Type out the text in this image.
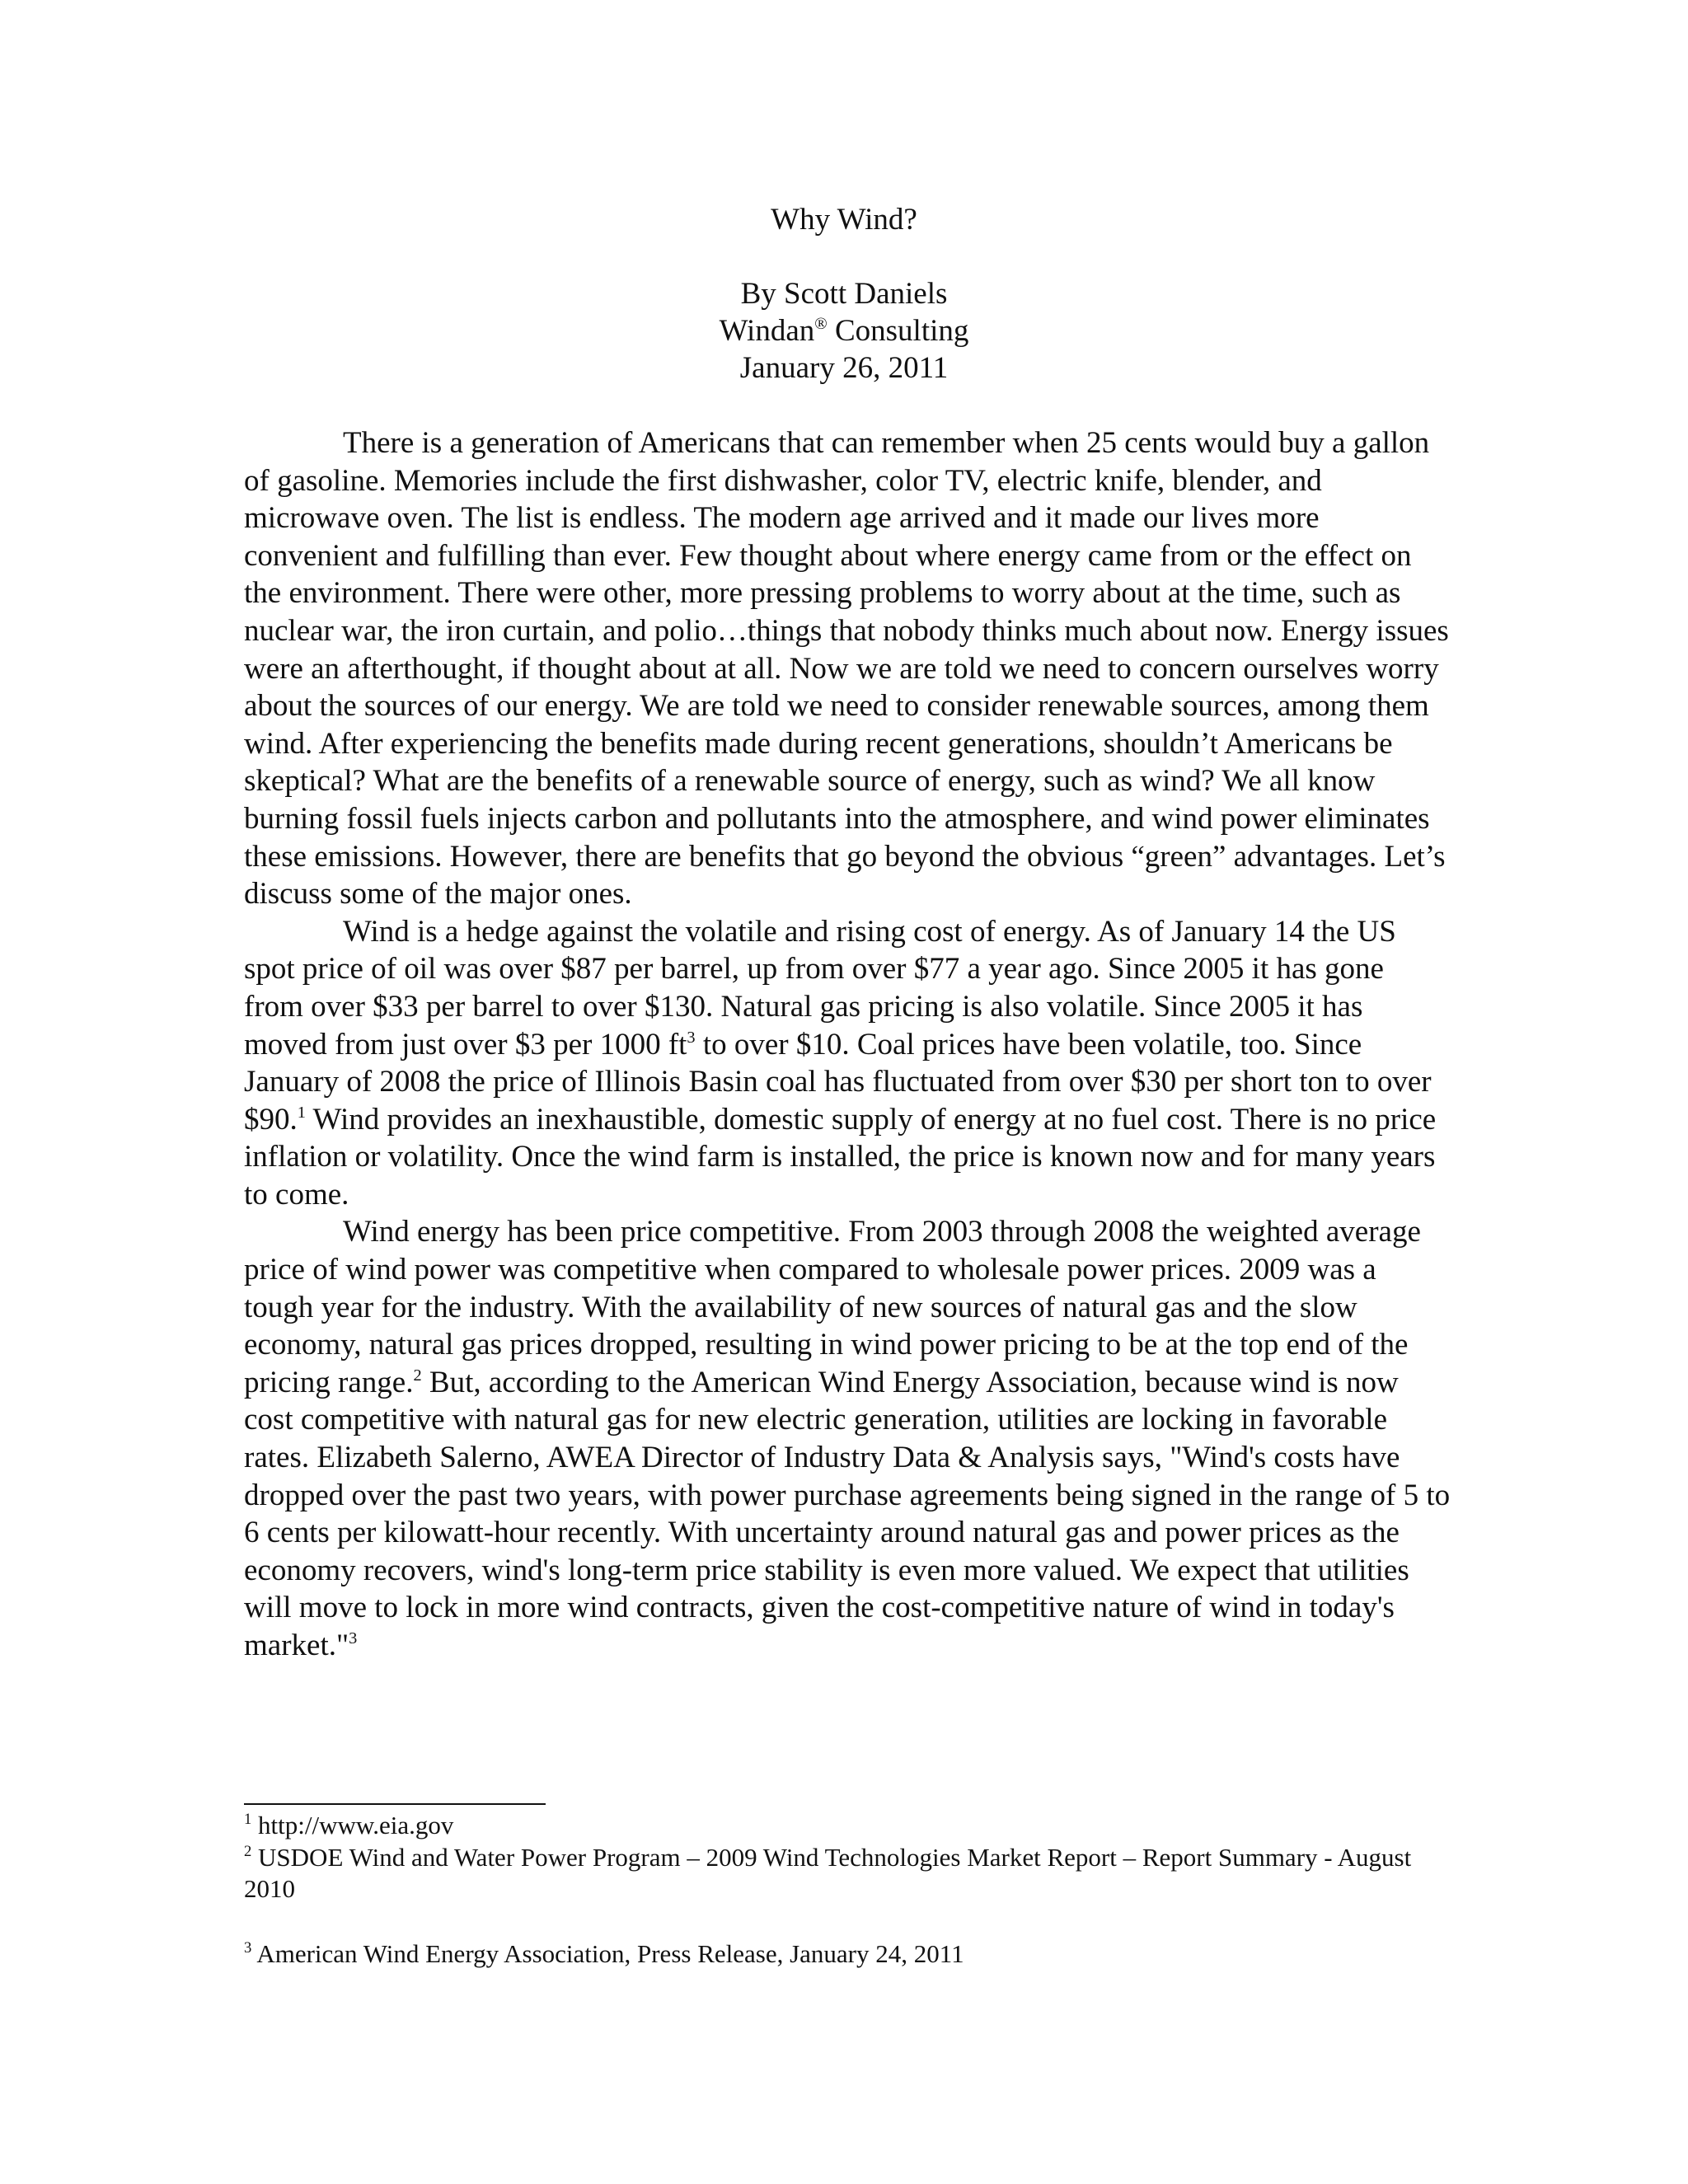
Why Wind?
By Scott Daniels
Windan® Consulting
January 26, 2011

There is a generation of Americans that can remember when 25 cents would buy a gallon of gasoline. Memories include the first dishwasher, color TV, electric knife, blender, and microwave oven. The list is endless. The modern age arrived and it made our lives more convenient and fulfilling than ever. Few thought about where energy came from or the effect on the environment. There were other, more pressing problems to worry about at the time, such as nuclear war, the iron curtain, and polio…things that nobody thinks much about now. Energy issues were an afterthought, if thought about at all. Now we are told we need to concern ourselves worry about the sources of our energy. We are told we need to consider renewable sources, among them wind. After experiencing the benefits made during recent generations, shouldn’t Americans be skeptical? What are the benefits of a renewable source of energy, such as wind? We all know burning fossil fuels injects carbon and pollutants into the atmosphere, and wind power eliminates these emissions. However, there are benefits that go beyond the obvious “green” advantages. Let’s discuss some of the major ones.

Wind is a hedge against the volatile and rising cost of energy. As of January 14 the US spot price of oil was over $87 per barrel, up from over $77 a year ago. Since 2005 it has gone from over $33 per barrel to over $130. Natural gas pricing is also volatile. Since 2005 it has moved from just over $3 per 1000 $ft^3$ to over $10. Coal prices have been volatile, too. Since January of 2008 the price of Illinois Basin coal has fluctuated from over $30 per short ton to over $90.$^1$ Wind provides an inexhaustible, domestic supply of energy at no fuel cost. There is no price inflation or volatility. Once the wind farm is installed, the price is known now and for many years to come.

Wind energy has been price competitive. From 2003 through 2008 the weighted average price of wind power was competitive when compared to wholesale power prices. 2009 was a tough year for the industry. With the availability of new sources of natural gas and the slow economy, natural gas prices dropped, resulting in wind power pricing to be at the top end of the pricing range.$^2$ But, according to the American Wind Energy Association, because wind is now cost competitive with natural gas for new electric generation, utilities are locking in favorable rates. Elizabeth Salerno, AWEA Director of Industry Data & Analysis says, "Wind's costs have dropped over the past two years, with power purchase agreements being signed in the range of 5 to 6 cents per kilowatt-hour recently. With uncertainty around natural gas and power prices as the economy recovers, wind's long-term price stability is even more valued. We expect that utilities will move to lock in more wind contracts, given the cost-competitive nature of wind in today's market."$^3$

$^1$ http://www.eia.gov
$^2$ USDOE Wind and Water Power Program – 2009 Wind Technologies Market Report – Report Summary - August 2010
$^3$ American Wind Energy Association, Press Release, January 24, 2011
